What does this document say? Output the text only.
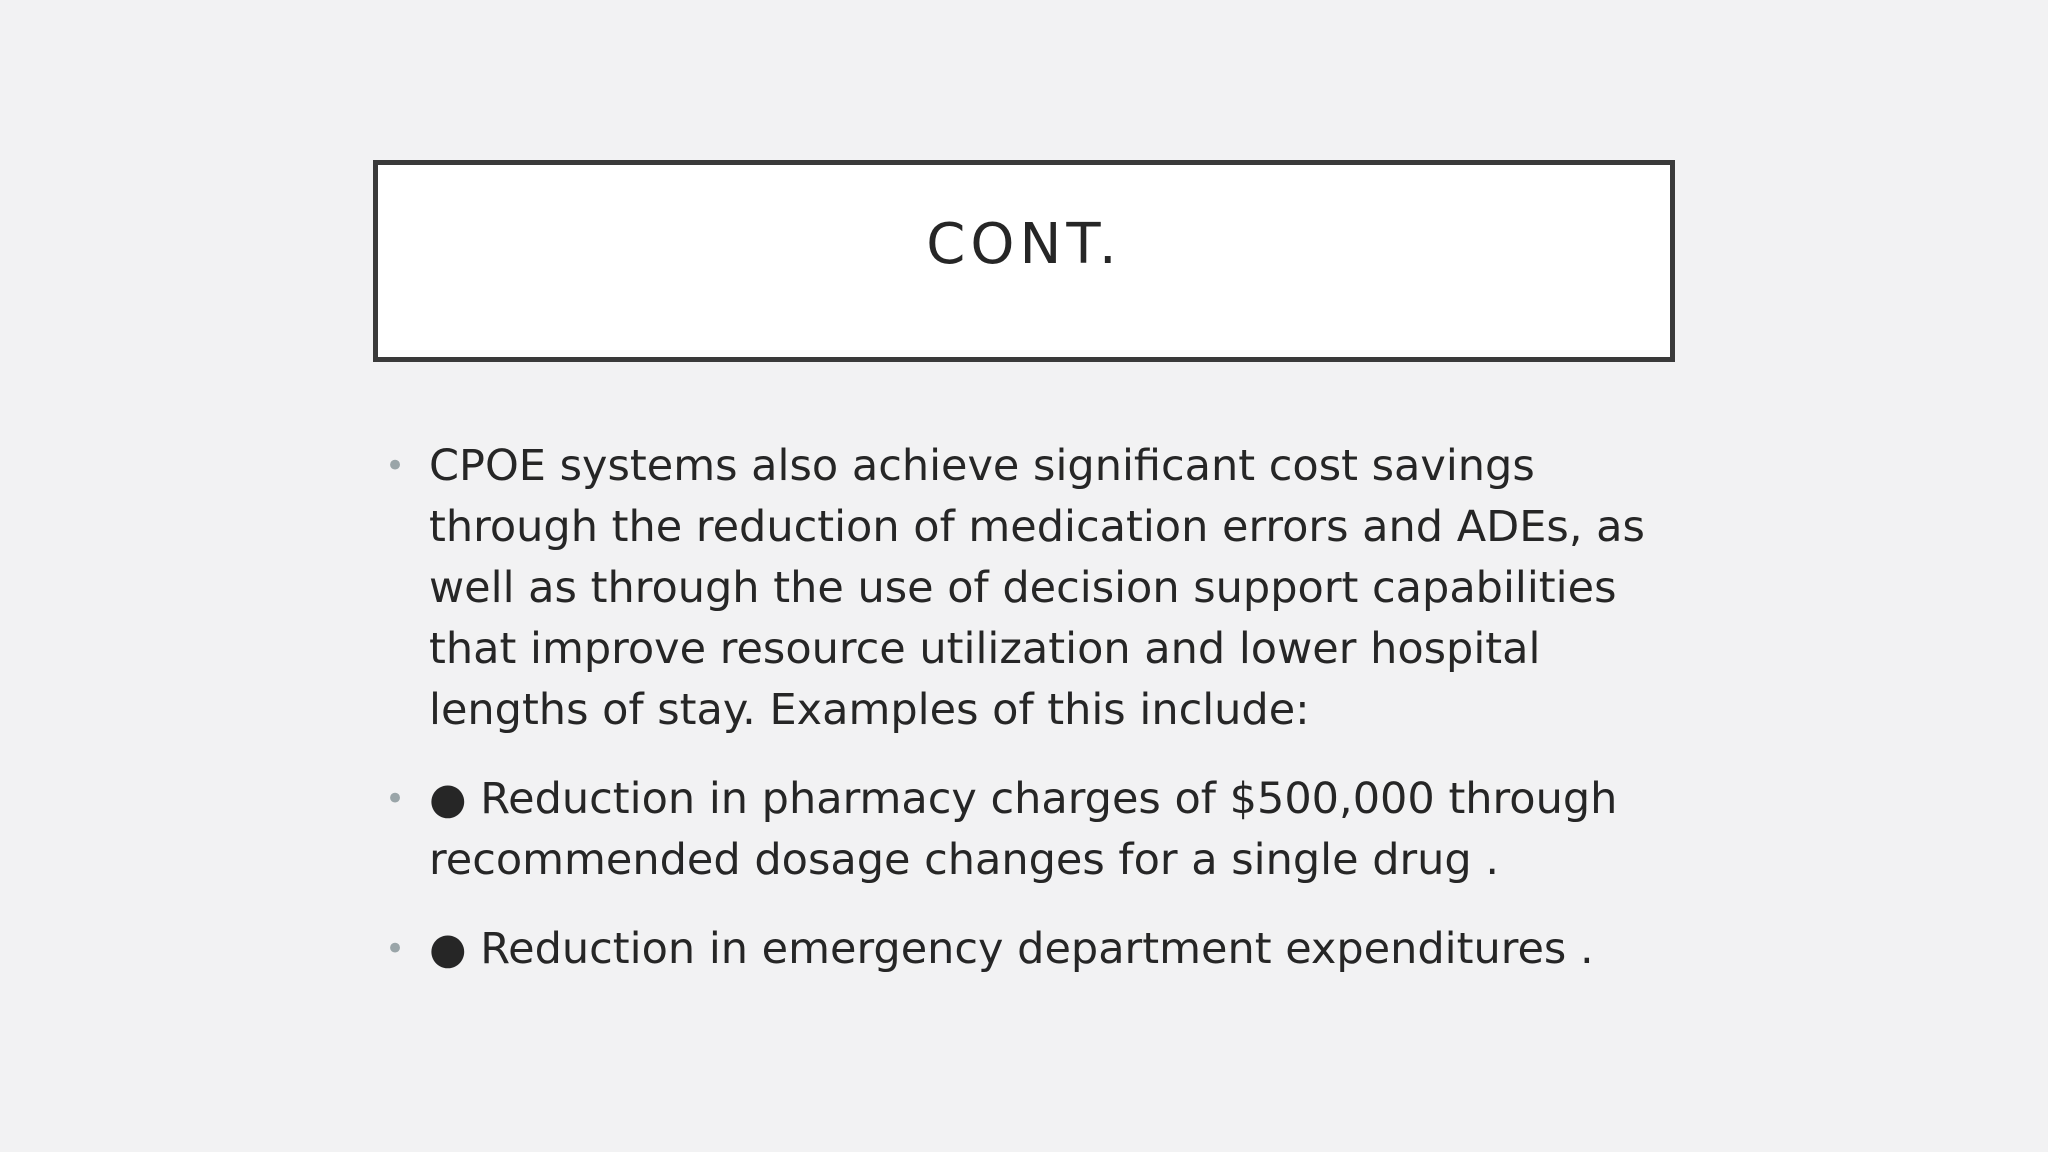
CONT.

• CPOE systems also achieve significant cost savings through the reduction of medication errors and ADEs, as well as through the use of decision support capabilities that improve resource utilization and lower hospital lengths of stay. Examples of this include:

• ● Reduction in pharmacy charges of $500,000 through recommended dosage changes for a single drug .

• ● Reduction in emergency department expenditures .
